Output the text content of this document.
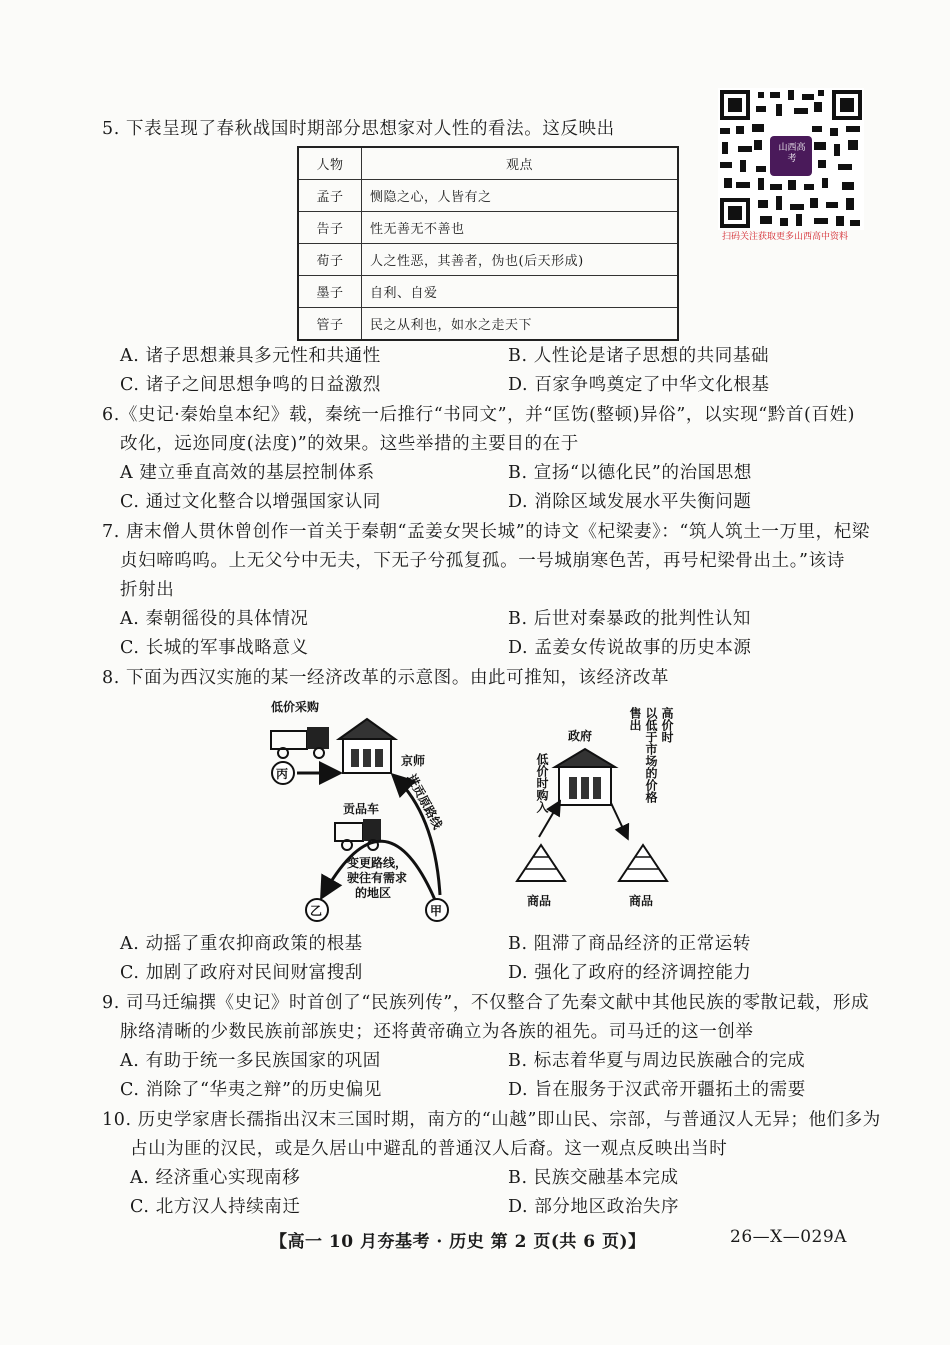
山西高考
扫码关注获取更多山西高中资料
5. 下表呈现了春秋战国时期部分思想家对人性的看法。这反映出
人物	观点
孟子	恻隐之心，人皆有之
告子	性无善无不善也
荀子	人之性恶，其善者，伪也(后天形成)
墨子	自利、自爱
管子	民之从利也，如水之走天下
A. 诸子思想兼具多元性和共通性	B. 人性论是诸子思想的共同基础
C. 诸子之间思想争鸣的日益激烈	D. 百家争鸣奠定了中华文化根基
6.《史记·秦始皇本纪》载，秦统一后推行“书同文”，并“匡饬(整顿)异俗”，以实现“黔首(百姓)
改化，远迩同度(法度)”的效果。这些举措的主要目的在于
A 建立垂直高效的基层控制体系	B. 宣扬“以德化民”的治国思想
C. 通过文化整合以增强国家认同	D. 消除区域发展水平失衡问题
7. 唐末僧人贯休曾创作一首关于秦朝“孟姜女哭长城”的诗文《杞梁妻》：“筑人筑土一万里，杞梁
贞妇啼呜呜。上无父兮中无夫，下无子兮孤复孤。一号城崩寒色苦，再号杞梁骨出土。”该诗
折射出
A. 秦朝徭役的具体情况	B. 后世对秦暴政的批判性认知
C. 长城的军事战略意义	D. 孟姜女传说故事的历史本源
8. 下面为西汉实施的某一经济改革的示意图。由此可推知，该经济改革
低价采购
丙
京师
贡品车 进贡原路线
变更路线，
驶往有需求
的地区
乙	甲
政府
低价时购入
售出 以低于市场的价格 高价时
商品	商品
A. 动摇了重农抑商政策的根基	B. 阻滞了商品经济的正常运转
C. 加剧了政府对民间财富搜刮	D. 强化了政府的经济调控能力
9. 司马迁编撰《史记》时首创了“民族列传”，不仅整合了先秦文献中其他民族的零散记载，形成
脉络清晰的少数民族前部族史；还将黄帝确立为各族的祖先。司马迁的这一创举
A. 有助于统一多民族国家的巩固	B. 标志着华夏与周边民族融合的完成
C. 消除了“华夷之辩”的历史偏见	D. 旨在服务于汉武帝开疆拓土的需要
10. 历史学家唐长孺指出汉末三国时期，南方的“山越”即山民、宗部，与普通汉人无异；他们多为
占山为匪的汉民，或是久居山中避乱的普通汉人后裔。这一观点反映出当时
A. 经济重心实现南移	B. 民族交融基本完成
C. 北方汉人持续南迁	D. 部分地区政治失序
【高一 10 月夯基考 · 历史 第 2 页(共 6 页)】	26—X—029A
